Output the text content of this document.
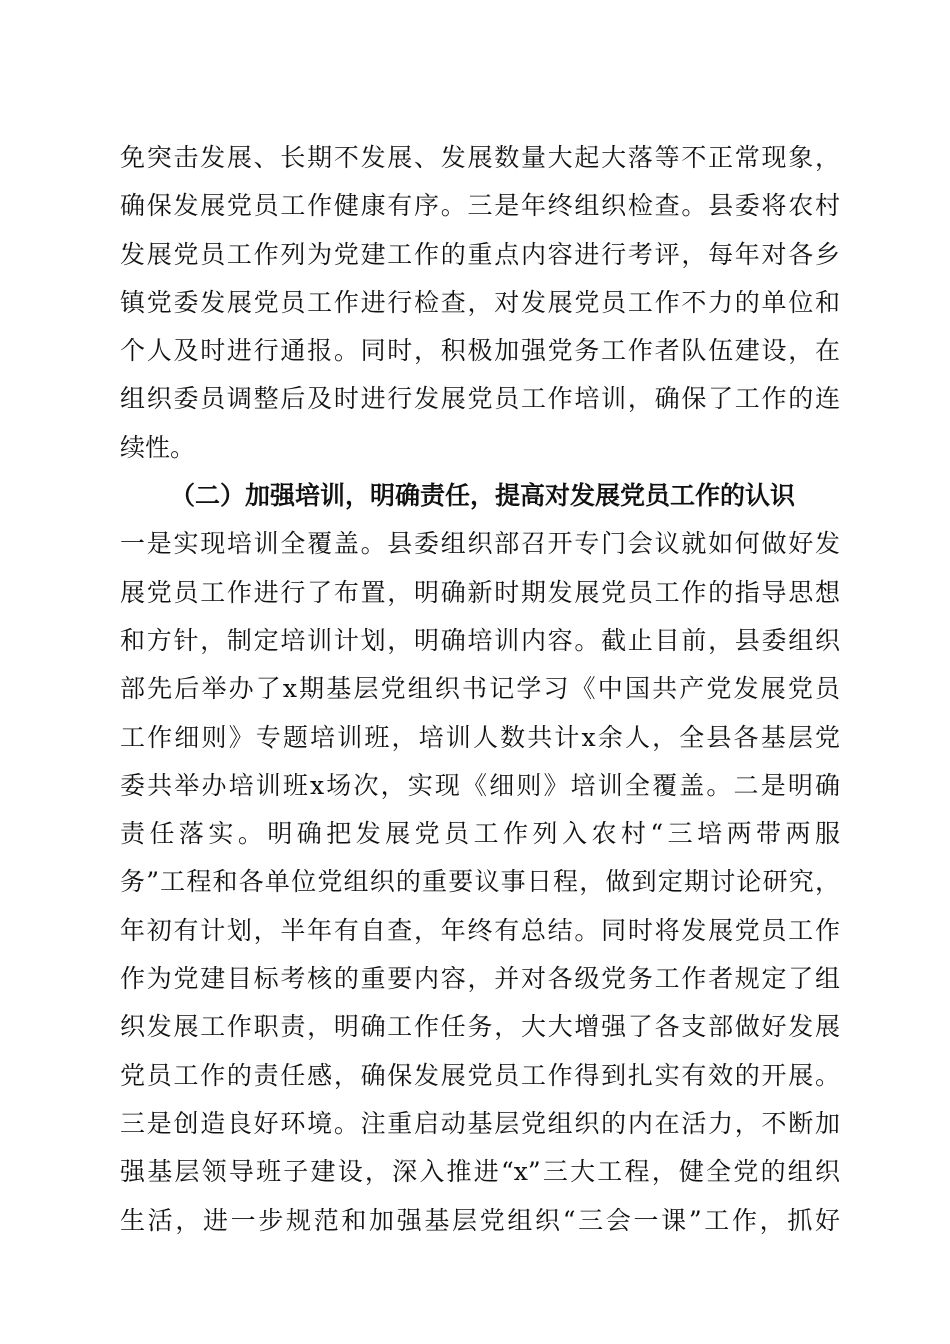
免突击发展、长期不发展、发展数量大起大落等不正常现象，
确保发展党员工作健康有序。三是年终组织检查。县委将农村
发展党员工作列为党建工作的重点内容进行考评，每年对各乡
镇党委发展党员工作进行检查，对发展党员工作不力的单位和
个人及时进行通报。同时，积极加强党务工作者队伍建设，在
组织委员调整后及时进行发展党员工作培训，确保了工作的连
续性。
（二）加强培训，明确责任，提高对发展党员工作的认识
一是实现培训全覆盖。县委组织部召开专门会议就如何做好发
展党员工作进行了布置，明确新时期发展党员工作的指导思想
和方针，制定培训计划，明确培训内容。截止目前，县委组织
部先后举办了x期基层党组织书记学习《中国共产党发展党员
工作细则》专题培训班，培训人数共计x余人，全县各基层党
委共举办培训班x场次，实现《细则》培训全覆盖。二是明确
责任落实。明确把发展党员工作列入农村“三培两带两服
务”工程和各单位党组织的重要议事日程，做到定期讨论研究，
年初有计划，半年有自查，年终有总结。同时将发展党员工作
作为党建目标考核的重要内容，并对各级党务工作者规定了组
织发展工作职责，明确工作任务，大大增强了各支部做好发展
党员工作的责任感，确保发展党员工作得到扎实有效的开展。
三是创造良好环境。注重启动基层党组织的内在活力，不断加
强基层领导班子建设，深入推进“x”三大工程，健全党的组织
生活，进一步规范和加强基层党组织“三会一课”工作，抓好
